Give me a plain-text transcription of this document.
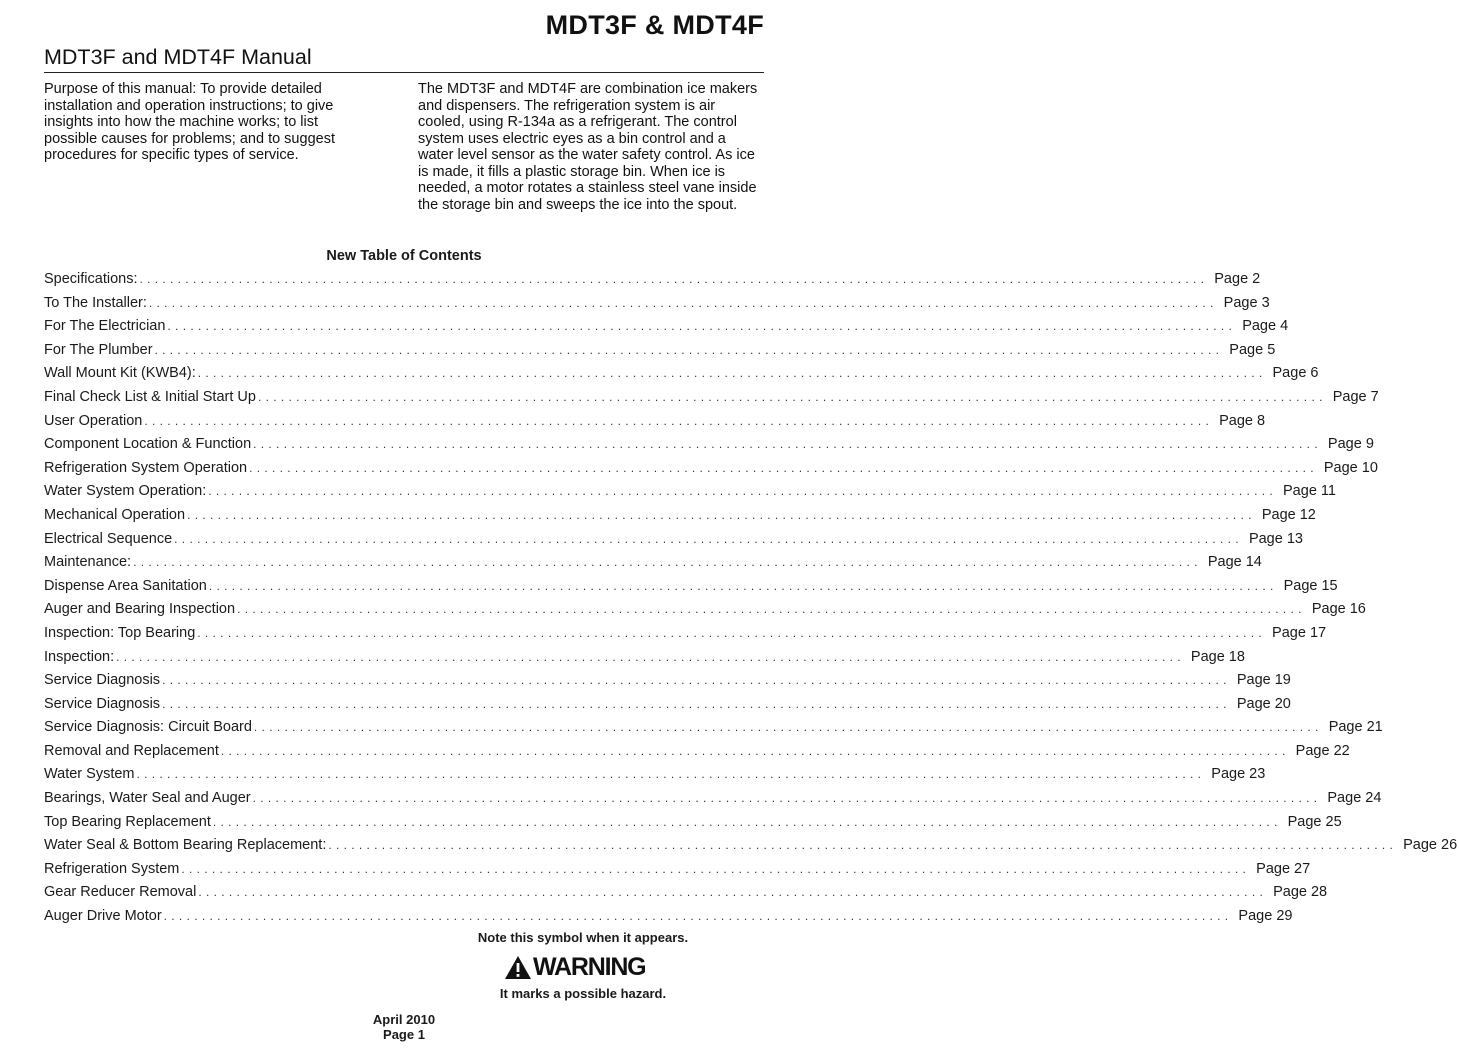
MDT3F & MDT4F
MDT3F and MDT4F Manual
Purpose of this manual: To provide detailed installation and operation instructions; to give insights into how the machine works; to list possible causes for problems; and to suggest procedures for specific types of service.
The MDT3F and MDT4F are combination ice makers and dispensers. The refrigeration system is air cooled, using R-134a as a refrigerant. The control system uses electric eyes as a bin control and a water level sensor as the water safety control. As ice is made, it fills a plastic storage bin. When ice is needed, a motor rotates a stainless steel vane inside the storage bin and sweeps the ice into the spout.
New Table of Contents
Specifications: ............................................................................................................................................ Page 2
To The Installer: ............................................................................................................................................ Page 3
For The Electrician ............................................................................................................................................ Page 4
For The Plumber ............................................................................................................................................ Page 5
Wall Mount Kit (KWB4): ............................................................................................................................................ Page 6
Final Check List & Initial Start Up ............................................................................................................................................ Page 7
User Operation ............................................................................................................................................ Page 8
Component Location & Function ............................................................................................................................................ Page 9
Refrigeration System Operation ............................................................................................................................................ Page 10
Water System Operation: ............................................................................................................................................ Page 11
Mechanical Operation ............................................................................................................................................ Page 12
Electrical Sequence ............................................................................................................................................ Page 13
Maintenance: ............................................................................................................................................ Page 14
Dispense Area Sanitation ............................................................................................................................................ Page 15
Auger and Bearing Inspection ............................................................................................................................................ Page 16
Inspection: Top Bearing ............................................................................................................................................ Page 17
Inspection: ............................................................................................................................................ Page 18
Service Diagnosis ............................................................................................................................................ Page 19
Service Diagnosis ............................................................................................................................................ Page 20
Service Diagnosis: Circuit Board ............................................................................................................................................ Page 21
Removal and Replacement ............................................................................................................................................ Page 22
Water System ............................................................................................................................................ Page 23
Bearings, Water Seal and Auger ............................................................................................................................................ Page 24
Top Bearing Replacement ............................................................................................................................................ Page 25
Water Seal & Bottom Bearing Replacement: ............................................................................................................................................ Page 26
Refrigeration System ............................................................................................................................................ Page 27
Gear Reducer Removal ............................................................................................................................................ Page 28
Auger Drive Motor ............................................................................................................................................ Page 29
Note this symbol when it appears.
WARNING
It marks a possible hazard.
April 2010
Page 1
